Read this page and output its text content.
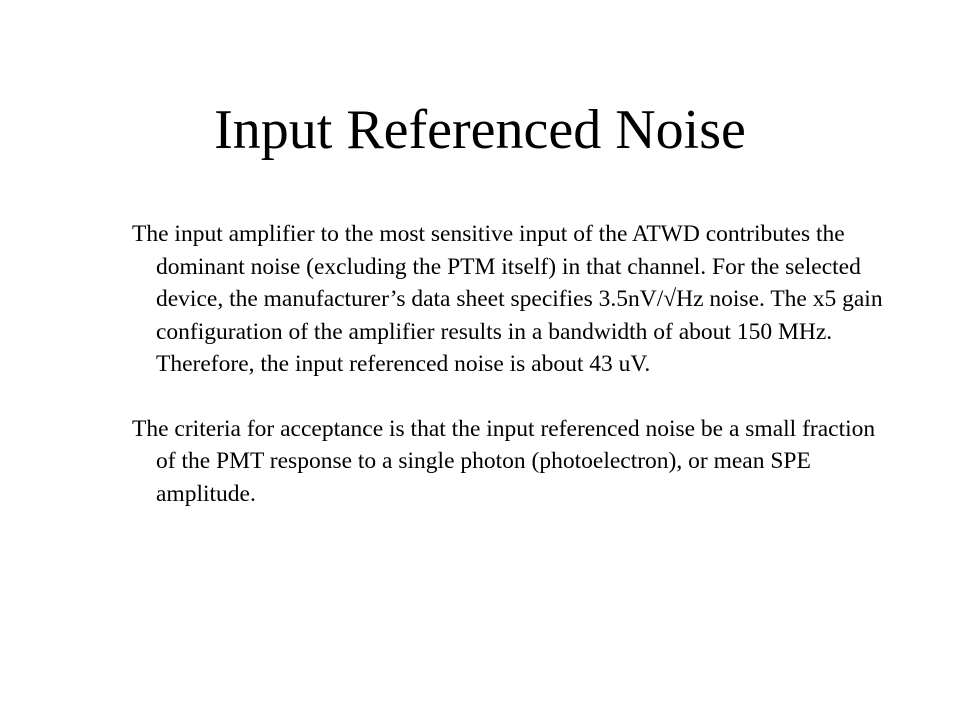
Input Referenced Noise

The input amplifier to the most sensitive input of the ATWD contributes the dominant noise (excluding the PTM itself) in that channel. For the selected device, the manufacturer’s data sheet specifies 3.5nV/√Hz noise. The x5 gain configuration of the amplifier results in a bandwidth of about 150 MHz. Therefore, the input referenced noise is about 43 uV.

The criteria for acceptance is that the input referenced noise be a small fraction of the PMT response to a single photon (photoelectron), or mean SPE amplitude.
